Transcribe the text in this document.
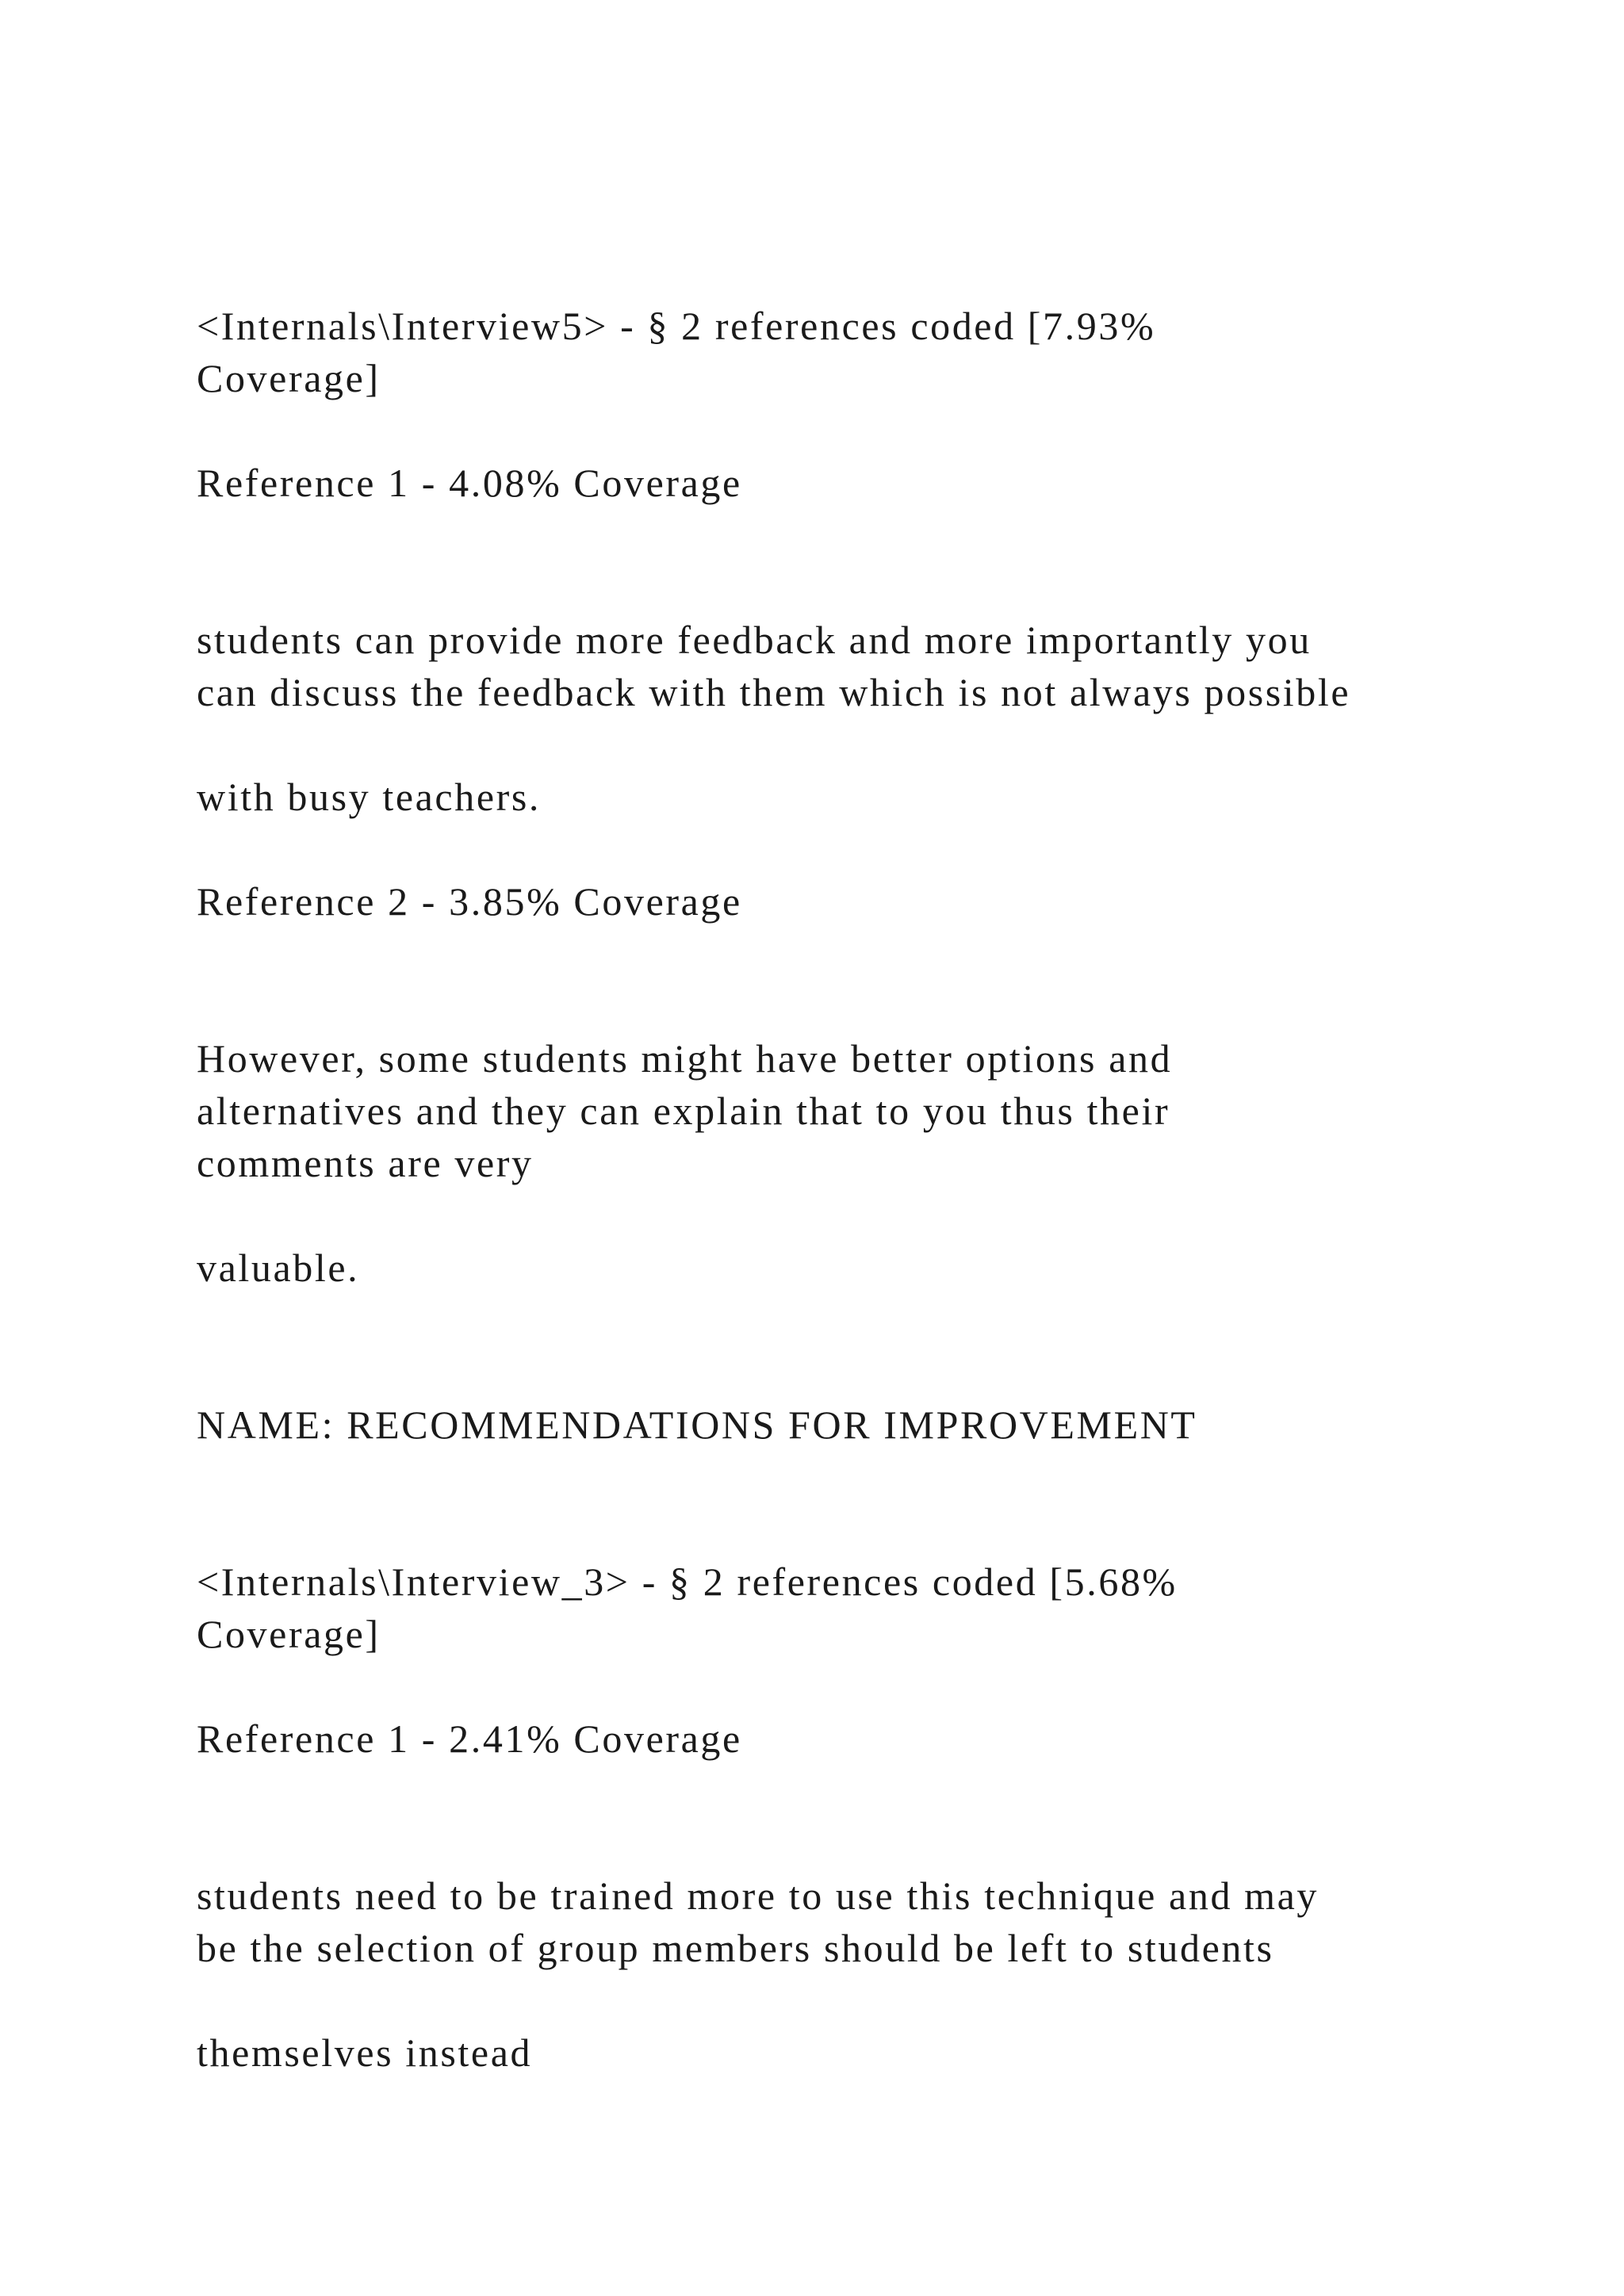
<Internals\Interview5> - § 2 references coded [7.93%

Coverage]

Reference 1 - 4.08% Coverage

students can provide more feedback and more importantly you

can discuss the feedback with them which is not always possible

with busy teachers.

Reference 2 - 3.85% Coverage

However, some students might have better options and

alternatives and they can explain that to you thus their

comments are very

valuable.

NAME: RECOMMENDATIONS FOR IMPROVEMENT

<Internals\Interview_3> - § 2 references coded [5.68%

Coverage]

Reference 1 - 2.41% Coverage

students need to be trained more to use this technique and may

be the selection of group members should be left to students

themselves instead
